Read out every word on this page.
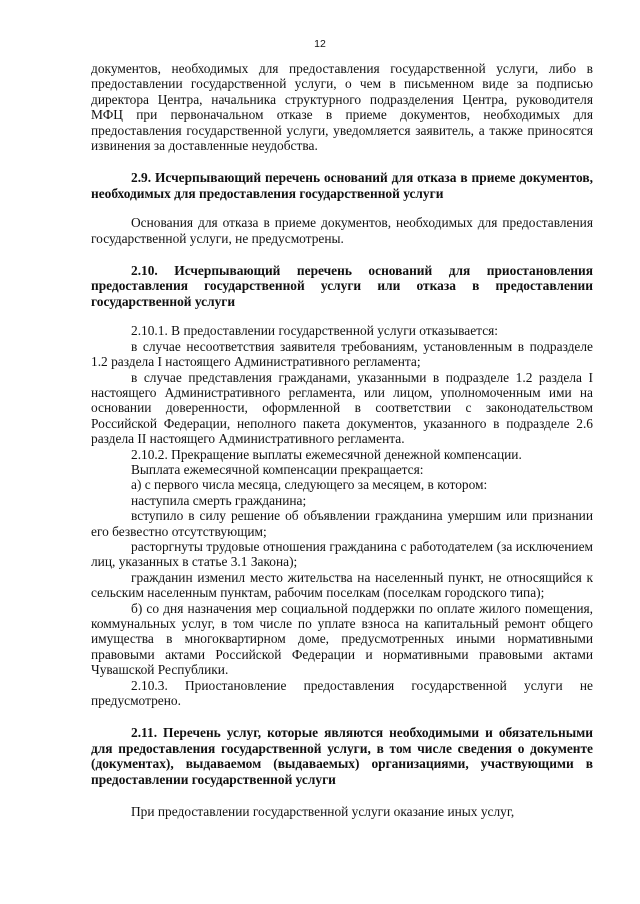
12

документов, необходимых для предоставления государственной услуги, либо в предоставлении государственной услуги, о чем в письменном виде за подписью директора Центра, начальника структурного подразделения Центра, руководителя МФЦ при первоначальном отказе в приеме документов, необходимых для предоставления государственной услуги, уведомляется заявитель, а также приносятся извинения за доставленные неудобства.

2.9. Исчерпывающий перечень оснований для отказа в приеме документов, необходимых для предоставления государственной услуги

Основания для отказа в приеме документов, необходимых для предоставления государственной услуги, не предусмотрены.

2.10. Исчерпывающий перечень оснований для приостановления предоставления государственной услуги или отказа в предоставлении государственной услуги

2.10.1. В предоставлении государственной услуги отказывается:

в случае несоответствия заявителя требованиям, установленным в подразделе 1.2 раздела I настоящего Административного регламента;

в случае представления гражданами, указанными в подразделе 1.2 раздела I настоящего Административного регламента, или лицом, уполномоченным ими на основании доверенности, оформленной в соответствии с законодательством Российской Федерации, неполного пакета документов, указанного в подразделе 2.6 раздела II настоящего Административного регламента.

2.10.2. Прекращение выплаты ежемесячной денежной компенсации.

Выплата ежемесячной компенсации прекращается:

а) с первого числа месяца, следующего за месяцем, в котором:

наступила смерть гражданина;

вступило в силу решение об объявлении гражданина умершим или признании его безвестно отсутствующим;

расторгнуты трудовые отношения гражданина с работодателем (за исключением лиц, указанных в статье 3.1 Закона);

гражданин изменил место жительства на населенный пункт, не относящийся к сельским населенным пунктам, рабочим поселкам (поселкам городского типа);

б) со дня назначения мер социальной поддержки по оплате жилого помещения, коммунальных услуг, в том числе по уплате взноса на капитальный ремонт общего имущества в многоквартирном доме, предусмотренных иными нормативными правовыми актами Российской Федерации и нормативными правовыми актами Чувашской Республики.

2.10.3. Приостановление предоставления государственной услуги не предусмотрено.

2.11. Перечень услуг, которые являются необходимыми и обязательными для предоставления государственной услуги, в том числе сведения о документе (документах), выдаваемом (выдаваемых) организациями, участвующими в предоставлении государственной услуги

При предоставлении государственной услуги оказание иных услуг,
